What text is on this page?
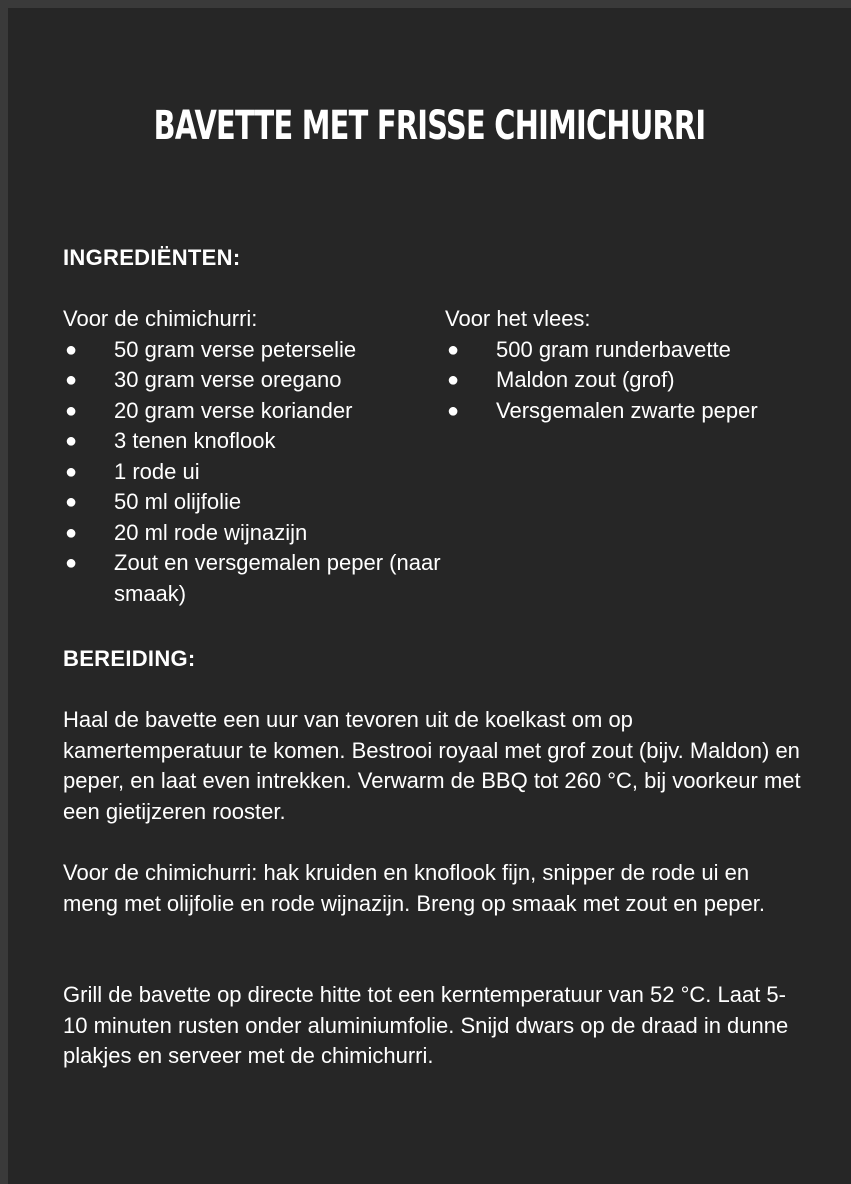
BAVETTE MET FRISSE CHIMICHURRI
INGREDIËNTEN:

Voor de chimichurri:

● 50 gram verse peterselie
● 30 gram verse oregano
● 20 gram verse koriander
● 3 tenen knoflook
● 1 rode ui
● 50 ml olijfolie
● 20 ml rode wijnazijn
● Zout en versgemalen peper (naar smaak)

Voor het vlees:

● 500 gram runderbavette
● Maldon zout (grof)
● Versgemalen zwarte peper
BEREIDING:

Haal de bavette een uur van tevoren uit de koelkast om op kamertemperatuur te komen. Bestrooi royaal met grof zout (bijv. Maldon) en peper, en laat even intrekken. Verwarm de BBQ tot 260 °C, bij voorkeur met een gietijzeren rooster.

Voor de chimichurri: hak kruiden en knoflook fijn, snipper de rode ui en meng met olijfolie en rode wijnazijn. Breng op smaak met zout en peper.

Grill de bavette op directe hitte tot een kerntemperatuur van 52 °C. Laat 5-10 minuten rusten onder aluminiumfolie. Snijd dwars op de draad in dunne plakjes en serveer met de chimichurri.
